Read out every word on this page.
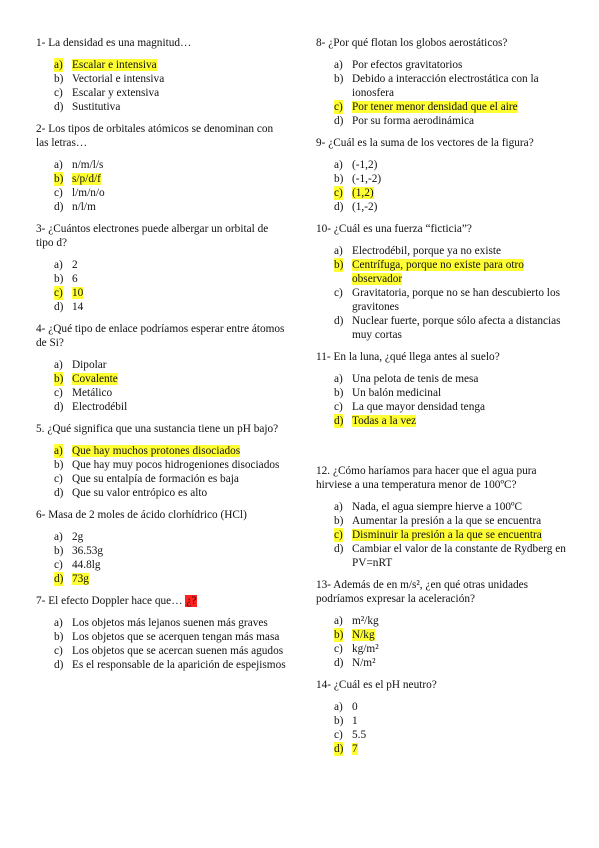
1- La densidad es una magnitud…

a) Escalar e intensiva
b) Vectorial e intensiva
c) Escalar y extensiva
d) Sustitutiva

2- Los tipos de orbitales atómicos se denominan con las letras…

a) n/m/l/s
b) s/p/d/f
c) l/m/n/o
d) n/l/m

3- ¿Cuántos electrones puede albergar un orbital de tipo d?

a) 2
b) 6
c) 10
d) 14

4- ¿Qué tipo de enlace podríamos esperar entre átomos de Si?

a) Dipolar
b) Covalente
c) Metálico
d) Electrodébil

5. ¿Qué significa que una sustancia tiene un pH bajo?

a) Que hay muchos protones disociados
b) Que hay muy pocos hidrogeniones disociados
c) Que su entalpía de formación es baja
d) Que su valor entrópico es alto

6- Masa de 2 moles de ácido clorhídrico (HCl)

a) 2g
b) 36.53g
c) 44.8lg
d) 73g

7- El efecto Doppler hace que… ¿?

a) Los objetos más lejanos suenen más graves
b) Los objetos que se acerquen tengan más masa
c) Los objetos que se acercan suenen más agudos
d) Es el responsable de la aparición de espejismos

8- ¿Por qué flotan los globos aerostáticos?

a) Por efectos gravitatorios
b) Debido a interacción electrostática con la ionosfera
c) Por tener menor densidad que el aire
d) Por su forma aerodinámica

9- ¿Cuál es la suma de los vectores de la figura?

a) (-1,2)
b) (-1,-2)
c) (1,2)
d) (1,-2)

10- ¿Cuál es una fuerza “ficticia”?

a) Electrodébil, porque ya no existe
b) Centrífuga, porque no existe para otro observador
c) Gravitatoria, porque no se han descubierto los gravitones
d) Nuclear fuerte, porque sólo afecta a distancias muy cortas

11- En la luna, ¿qué llega antes al suelo?

a) Una pelota de tenis de mesa
b) Un balón medicinal
c) La que mayor densidad tenga
d) Todas a la vez

12. ¿Cómo haríamos para hacer que el agua pura hirviese a una temperatura menor de 100ºC?

a) Nada, el agua siempre hierve a 100ºC
b) Aumentar la presión a la que se encuentra
c) Disminuir la presión a la que se encuentra
d) Cambiar el valor de la constante de Rydberg en PV=nRT

13- Además de en m/s², ¿en qué otras unidades podríamos expresar la aceleración?

a) m²/kg
b) N/kg
c) kg/m²
d) N/m²

14- ¿Cuál es el pH neutro?

a) 0
b) 1
c) 5.5
d) 7
